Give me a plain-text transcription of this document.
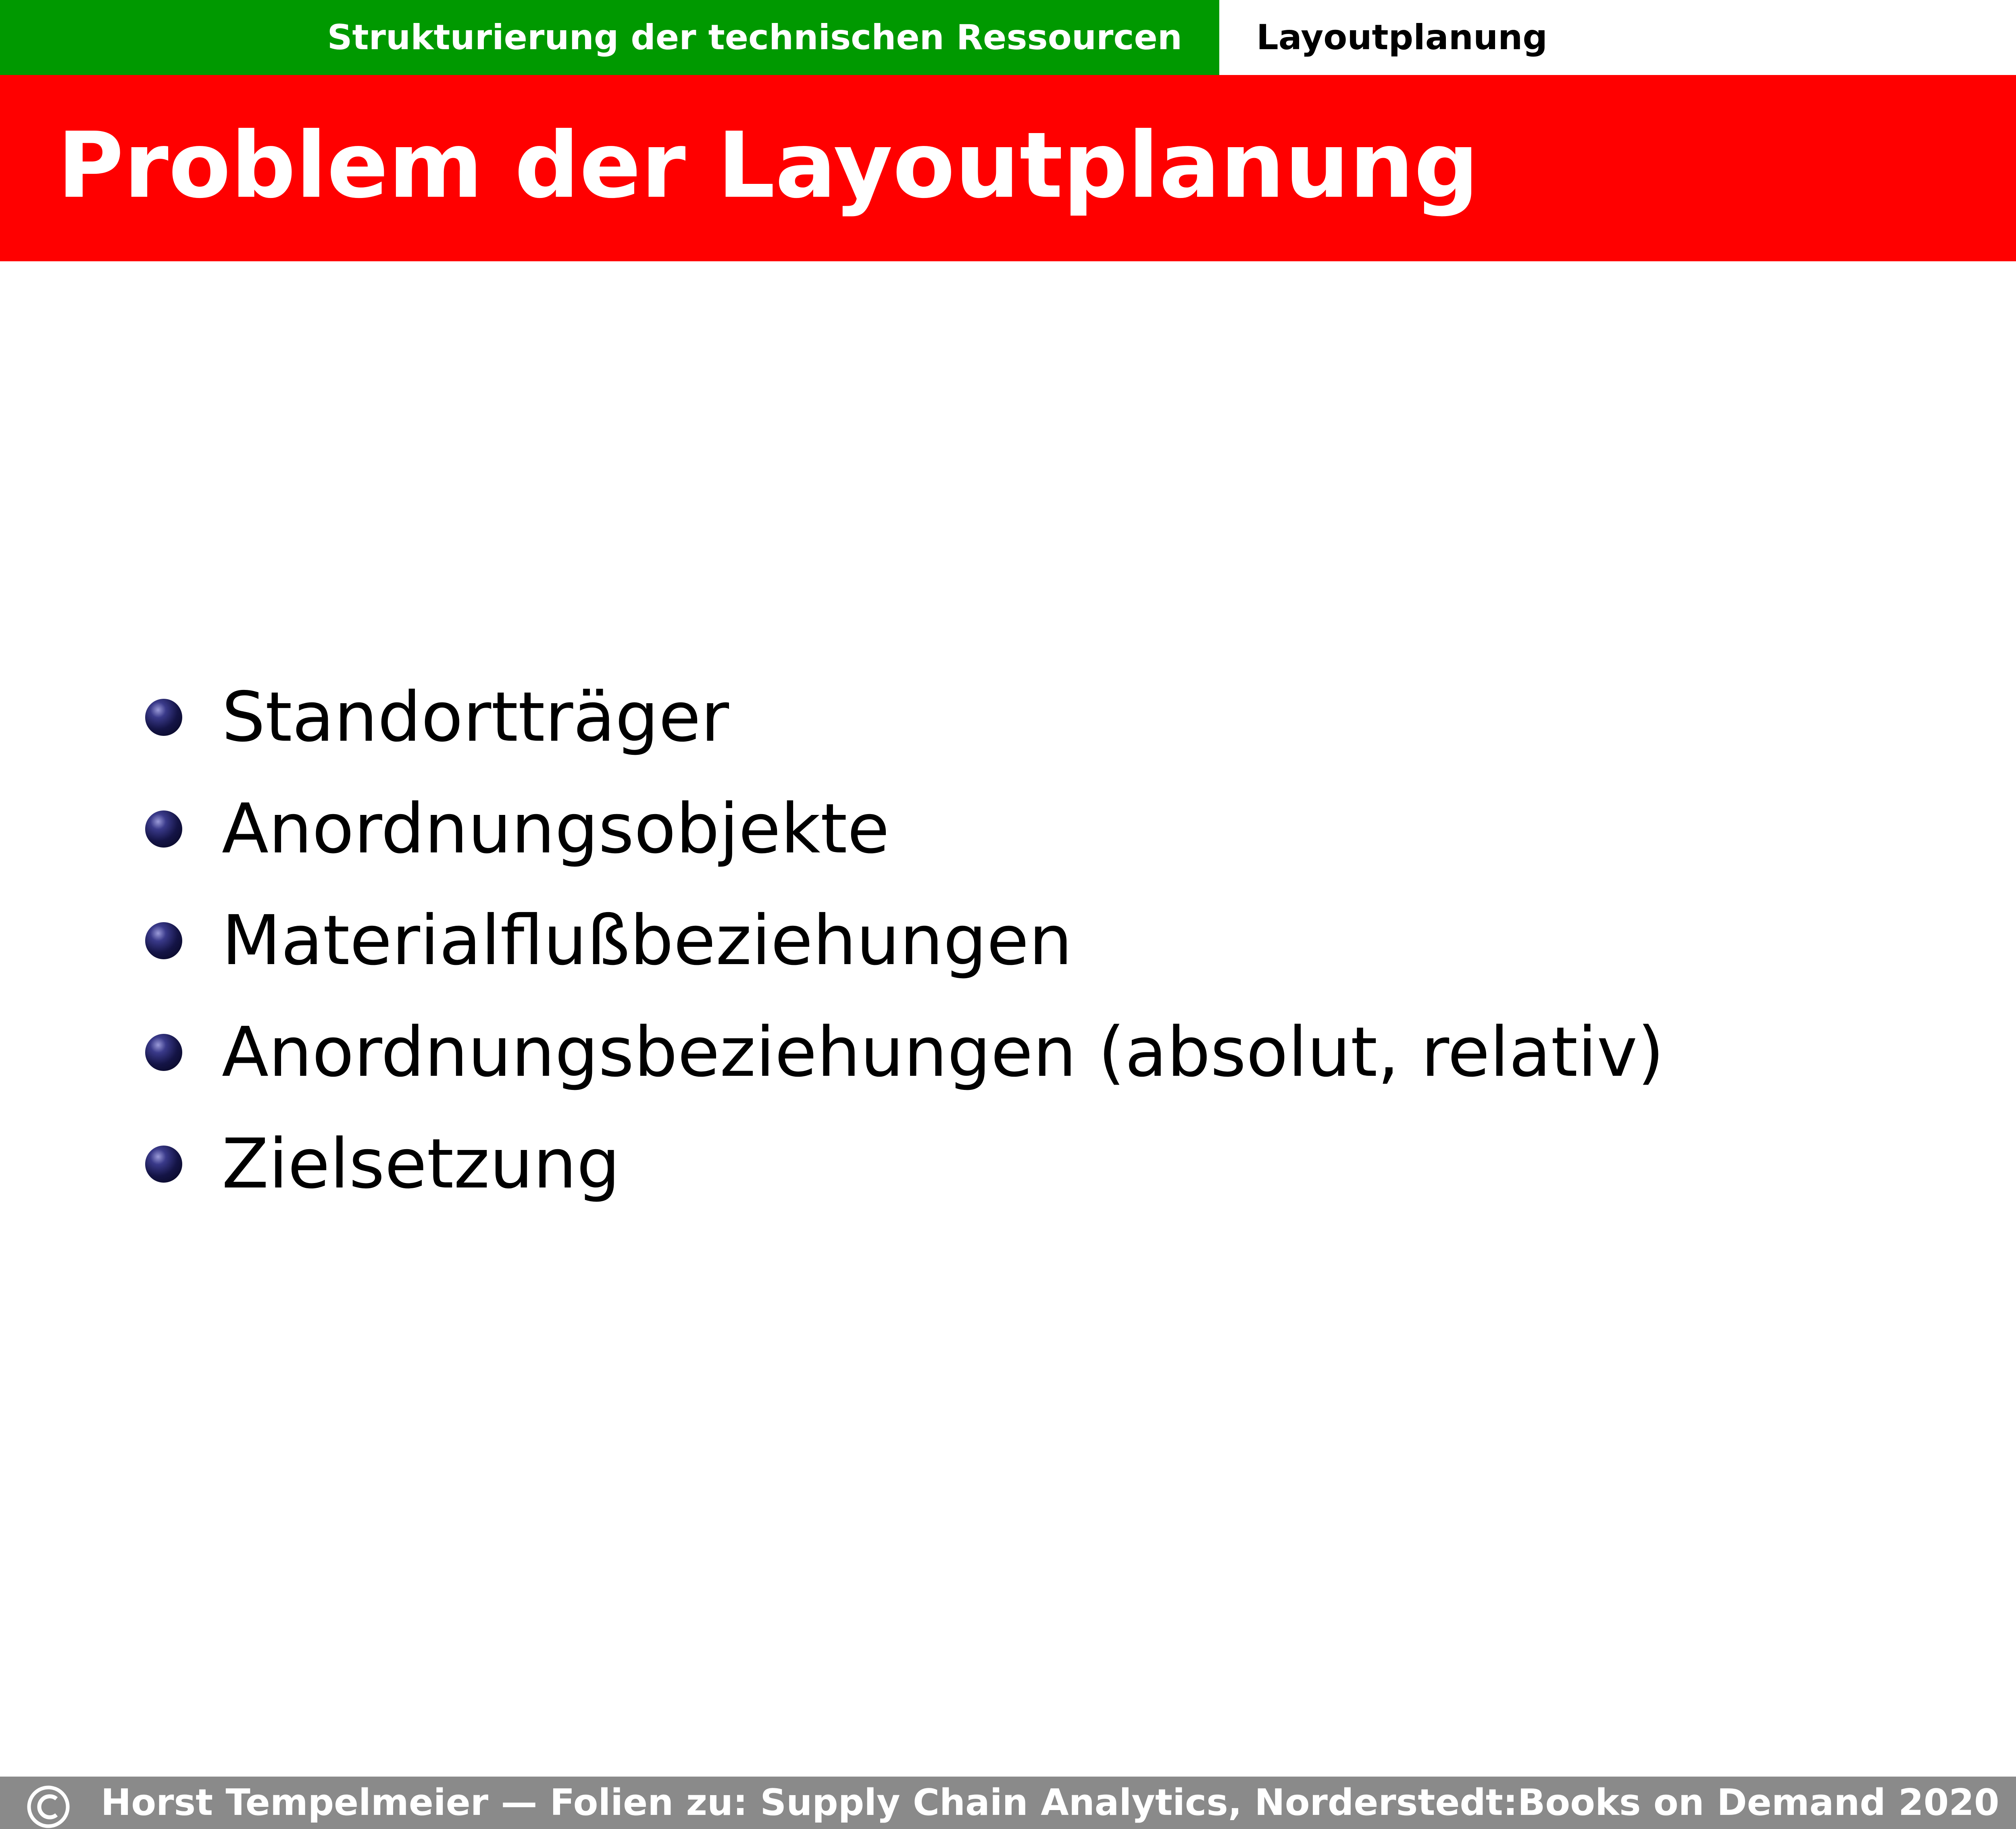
Strukturierung der technischen Ressourcen Layoutplanung
Problem der Layoutplanung
Standortträger
Anordnungsobjekte
Materialflußbeziehungen
Anordnungsbeziehungen (absolut, relativ)
Zielsetzung
Horst Tempelmeier — Folien zu: Supply Chain Analytics, Norderstedt:Books on Demand 2020
